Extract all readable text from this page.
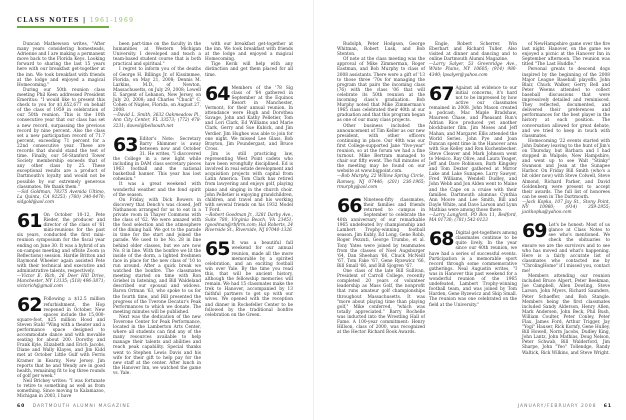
CLASS NOTES | 1961-1969

Duncan Mathewson writes, "After many years considering homesteads, Adrienne and I are making a permanent move back to the Florida Keys. Looking forward to sharing the last 15 years here with our breakfast get-together at the inn. We took breakfast with friends at the lodge and enjoyed a magical Homecoming."

During our 50th reunion class meeting Phil Keen addressed President Emeritus: "I would like to present this check to you for $1,652,677 on behalf of the class of 1959 in celebration of our 50th reunion. This is the 10th consecutive year that our class has set a new record, surpassing the previous record by nine percent. Also the class set a new participation record of 71.7 percent, exceeding 71 percent for a 22nd consecutive year. These are records that should stand the test of time. Finally, our 50-Stanford Tower Society membership exceeds that of any other class by 25. These exceptional results are a product of Dartmouth's loyalty and would not be possible by our extremely generous classmates. We thank them."

—Sid Goldman, 78375 Avenida Ultimo, La Quinta, CA 92253; (760) 340-0470; sidgold@aol.com

61 On October 10-12, Pete Rieder, the producer and director of the class of '61 mini-reunions for the past six years, conducted the first mini-reunion symposium for the fiscal year ending on June 30. It was a hybrid of an on-campus meeting and offsite Zoom (a Reflections) session. Hardie Britton and Raymond Wheeler again assisted Pete with their technical and executive and administrative talents, respectively.

—Victor E. Rich, 26 Deer Hill Drive, Manchester, NY 13135; (518) 496-3871; victorich@gmail.com

62 Following a $12.5 million refurbishment, the Hop reopened in October. New spaces include the 15,000-square-foot, $25 million Hood and Steven Stahl "Wing with a theater and a performance space designed to accommodate dance and with movable seating for about 200. Dorothy and Frank Kyle, Elizabeth and Erich Jacobs, Diane and Wally Klayes, and Jim Kidd met at October Little Gulf with Ferris Kramer in Kearny, New Jersey. Jim reports that he and Wendy are in good health, remaining fit to log three rounds of golf per week."

Neil Brickey writes: "I was fortunate to retire to something as well as from something. Since moving to Kalamazoo, Michigan in 2003, I have

been part-time on the faculty in the humanities at Western Michigan University. I developed and teach a team-based student course that is both practical and spiritual."

I regret to inform you of the deaths of George H. Billings Jr. of Kissimmee, Florida, on May 21, 2008; Dennis M. Larkins, M.D., of Newton, Massachusetts, on July 29, 2008; Lowell E. Sargent of Lebanon, New Jersey, on July 20, 2008; and Charles "Chuck" C. Cohen of Naples, Florida, on August 27, 2008.

—David L. Smith, 3632 Oakmeadow Pl., Ann City Center, FL 33573; (772) 478-3231; davesl@bellsouth.net

63 Editor's Note: Secretary Barry Shimmer is away between now and October 31. He writes, "I discovered the College in a new light while including in DAM class secretary pieces 1963 football and the national basketball banner. This year has lost cohesion."

It was a great weekend with wonderful weather and the fond spirit of the season.

On Friday, with Dick Bowers in discovery that Dench's was closed, Jeff Nathanson arranged for us to eat in a private room in Thayer Commons with the class of '62. We were amazed with the food selection and the atmosphere of the dining hall. We got to the parade in time for the start and joined the parade. We used to be No. 28 in line behind older classes, but we are now No. 8 in line. With the bonfire we lit the inside of the dorm, a lighted freshmen face in place for the new class of '10 to run around. After a quick break we watched the bonfire. The classmates meeting started on time with Ron Griebel in listening, and Bill Waldeland described our spousal and widows. Baron Ortman '63, who spoke to us for the fourth time, and Bill presented the progress of the Tverone Decatur's Peak Performances to which we donate. The meeting minutes will be published.

Next was the dedication of the new Toverone Center for Peak Performance, located in the Lamberton Arts Center, where all students can find any of the many resources available to help manage their talents and abilities and reach peak capability. Special thanks went to Stephen Lewis Davis and his wife for their gift to help pay for the new staff at the center. After lunch in the Hanover Inn, we watched the game vs. Yale.

with our breakfast get-together at the inn. We took breakfast with friends at the lodge and enjoyed a magical Homecoming.

Tige Kerik will help with any distinction and get them placed for all time.

64 Members of the '78 Sig class of '64 gathered in September at the Equinox Resort in Manchester, Vermont, for their annual reunion. In attendance were Hugh and Dorothea Savage, John and Kathy Pelletier, Tom and Lori Clark, Ed Williams and Marie Clark, Gerry and Sue Kubick, and Jim Verdier. Jim Hughes was able to join for one night. We missed Lee Glass, Bob Brayton, Jim Poundergast, and Bruce Cross.

Jim is still practicing law, representing West Point cadets who have been wrongfully disciplined. Ed is involved in real estate development and acquisition projects with capital from Latin America. Tom Clark has retired from lawyering and enjoys golf, playing piano and singing in the church choir. John Pelletier is enjoying grandchildren, children, and travel and his working with several friends on his 1932 Model T Ford.

—Robert Goodman Jr., 3281 Darby Ave., Suite 780, Virginia Beach, VA 23451; rgoodman@rbfirm.com; Hal Roberts, 24 Riverside St., Riverside, NJ 07040-1326

65 It was a beautiful fall weekend for our annual reunion, made all the more memorable by a spirited celebration, and an exciting football win over Yale. By the time you read this, that will be ancient history, although the fellowship memories will remain. We had 15 classmates make the trek to Hanover, accompanied by 13 faithful partners to get up with our wives. We opened with the reception and dinner in Rockefeller Center to be followed by the traditional bonfire celebration on the Green.

Rudolph, Peter Hodgson, George Whitman, Robert Lusk, and Bob Stenton.

Of note at the class meeting was the approval of Mike Zimmerman, Roger Eastman, and Bob Murphy to class of 2008 assistants. There were a gift of '13 to those three '70s for managing the program that pairs the incoming class (76) with the class '06 that will celebrate its 50th reunion at the incoming class's graduation. Bob Murphy noted that Mike Zimmerman's 1965 class celebrated their 40th at our graduation and that this program began as one of our many class projects.

Other business included the announcement of Tim Keller as our new president, with other officers continuing in place. Our 40th was our first College-supported Jane "five-year" reunion, so at the forum we had a fine turnout. Mike Bertram managed to chair our fifty event. The full minutes of the meeting may be found on our website at www.bigpoint.com.

—Bob Murphy, 22 Willow Spring Circle, Ramsey, NJ 07446; (201) 236-1965; rmurphy@aol.com

66 Nineteen-fifty classmates, their families and friends returned to campus in September to celebrate the 40th anniversary of our remarkable 1965 undefeated Ivy championship and Lambert Trophy-winning football season. Jim Kubly, Ed Long, Gene Robb, Roger Pezzuti, George Trumbo, et al. Tony Yates were joined by teammates from the classes of Noel Augsburger '64, Dan Sheehan '66, Chuck McNeill '67, Tom Fake '67, Gene Ryzewicz '66, Bill Small '66, and Bill Sjogren '67.

One class of the late Bill Sullivan, President of Carroll College, recently completed 20 years of volunteer leadership as Mass Golf, the nonprofit that runs amateur golf championships throughout Massachusetts. It was "more about playing time than playing golf," Mike conferred, "which was totally appreciated." Barry Rochelle was inducted into the Wrestling Hall of Fame. A 100-year commitment: Henry Hillson, class of 2000, was recognized at the Hector Richard Book Awards.

Engle, Robert Scherrer, Win Eberhart and Richard Tuller. Also visited at dinner and dancing and to online Dartmouth Alumni Magazine.

—Larry Salyer, 53 Greenridge Ave., White Plains, NY 10605; (914) 980-4340; lpsalyer@yahoo.com

67 Against all evidence to our initial concerns, it's hard not to be impressed by how active our classmates remained in 2008. John Mason created a podcast; Mac Maple Bradshaw, Maureen Chase, and Pheasant Run's Adrian Rice produced yet another blockbuster film. Jim Moses and Jeff Mahan, and Margaret Ellis attended the World Series. John Pye and Joan Duncan spent time in the Hanover area with Sue Kelley and Ron Kuchenbecker. Steve Cleaver and Mark Johnson went to Mexico. Ray Olive, and Laura Yeager, Jeff and Dave Robinson, Barb Kingsley and Tom Dexter gathered at Mirror Lake and Lake Sunapee. Larry Sawyer, Fred Williams, Wendell Dudley, and John Webb and Jon Alden went to Maine and the Cape on a cruise with their families. Dartmouth alumnus Cynthia Ann Moore and Lee Smith, Bill and Dayle White, and Dave Larson and Lynn Mathias were among those there.

—Larry Langford, PO Box 11, Bedford, MA 01730; (781) 542-0123

68 Digital get-togethers among classmates continue to be quite lively. In the year since our 40th reunion, we have had a series of successful events. Participation is a memorable sport record through some commemorative gatherings. Neal Augustin writes, "I was in Hanover this past weekend for a wonderful reunion of the 1965 undefeated, Lambert Trophy-winning football team, and was joined by Tom Harden, Gene Ryzewicz and Skip Small. The reunion was one celebrated on the field at the University."

of NewHampshire game over the fire last night. Hanover, on the game we enjoyed a picnic at the Hanover Inn in September afternoon. The reunion was titled "The Last Huddle."

Personal greats to descend dogs inspired by the beginning of the 2008 Major League Baseball playoffs. John Blair, Chuck Walker, Gerry Bell and Peter Weems attended to collect baseball discussions that were impressively detailed and reminisced. They reflected, documented, and delivered their preferences and performances for the best player in the history at each position. The conversation allowed for great debate, and we tried to keep in touch with classmates.

Homecoming '22 events started with John Dabney leaving to the hunt of Jim's on Thursday, but Barbara and I had stopped in Walpole, New Hampshire, and went up to see Walt "Stinky" Swanson and Jean at the Sunapee Harbor. On Friday Bill Smith (who's a bit older now) with Steve Colwell, Steve Almond, Richard Parker, and David Goldenberg were present to accept their awards. The full list of honorees can be seen in The Dartmouth.

—Jack Kopka, 107 Jay St., Stony Point, NY 10980; (914) 359-2955; jackkopka@yahoo.com

69 Let's be honest: Most of us glance at Class Notes to see who's mentioned. We check the obituaries to ensure we are the survivors and to see who has moved and what's happening. Here is a fairly accurate list of classmates who contacted me by "ChrolingHome" if I missed you, contact me!

Members attending our reunion included Bruce Alpert, Peter Beekman, Joe Campbell, Allen Dowling, Steve Larson, John Myers, Richard Saunders, Peter Schaeffer, and Bob Stangle. Members being the first classmates included Sandy Alderson, Henry Allen, Mark Andersen, John Beck, Phil Bush, William Coulter, Peter Conley, Peter Flax, James Ford, Arthur Trigger, Jay "Yogi" Hauser, Rick Kornfy, Gene Hulley, Bill Howell, Norm Jacobs, Dudley King, John Lantz, John Mathias, Doug Nelson, Peter Schwab, Bill Walderford, Jim Sharpe, John "Yeo" Tollendge, Randy Waltick, Rick Wilkins, and Steve Wright.

60 DARTMOUTH ALUMNI MAGAZINE	JANUARY/FEBRUARY 2008 61
